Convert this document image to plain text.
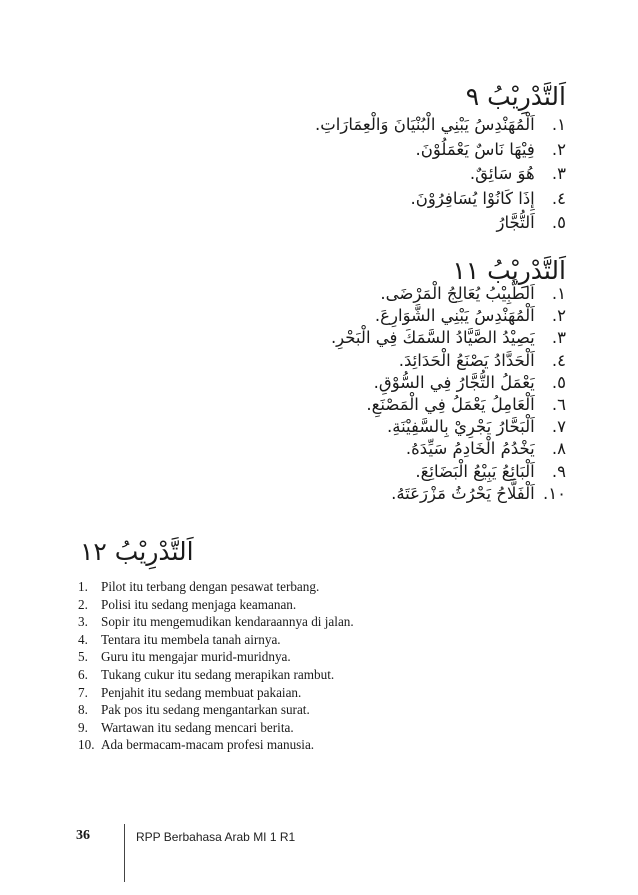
اَلتَّدْرِيْبُ ٩
١. اَلْمُهَنْدِسُ يَبْنِي الْبُنْيَانَ وَالْعِمَارَاتِ.
٢. فِيْهَا نَاسٌ يَعْمَلُوْنَ.
٣. هُوَ سَائِقٌ.
٤. إِذَا كَانُوْا يُسَافِرُوْنَ.
٥. اَلتُّجَّارُ
اَلتَّدْرِيْبُ ١١
١. اَلطَّبِيْبُ يُعَالِجُ الْمَرْضَى.
٢. اَلْمُهَنْدِسُ يَبْنِي الشَّوَارِعَ.
٣. يَصِيْدُ الصَّيَّادُ السَّمَكَ فِي الْبَحْرِ.
٤. اَلْحَدَّادُ يَصْنَعُ الْحَدَائِدَ.
٥. يَعْمَلُ التُّجَّارُ فِي السُّوْقِ.
٦. اَلْعَامِلُ يَعْمَلُ فِي الْمَصْنَعِ.
٧. اَلْبَحَّارُ يَجْرِيْ بِالسَّفِيْنَةِ.
٨. يَخْدُمُ الْخَادِمُ سَيِّدَهُ.
٩. اَلْبَائِعُ يَبِيْعُ الْبَضَائِعَ.
١٠. اَلْفَلَّاحُ يَحْرُثُ مَزْرَعَتَهُ.
اَلتَّدْرِيْبُ ١٢
1. Pilot itu terbang dengan pesawat terbang.
2. Polisi itu sedang menjaga keamanan.
3. Sopir itu mengemudikan kendaraannya di jalan.
4. Tentara itu membela tanah airnya.
5. Guru itu mengajar murid-muridnya.
6. Tukang cukur itu sedang merapikan rambut.
7. Penjahit itu sedang membuat pakaian.
8. Pak pos itu sedang mengantarkan surat.
9. Wartawan itu sedang mencari berita.
10. Ada bermacam-macam profesi manusia.
36	RPP Berbahasa Arab MI 1 R1
